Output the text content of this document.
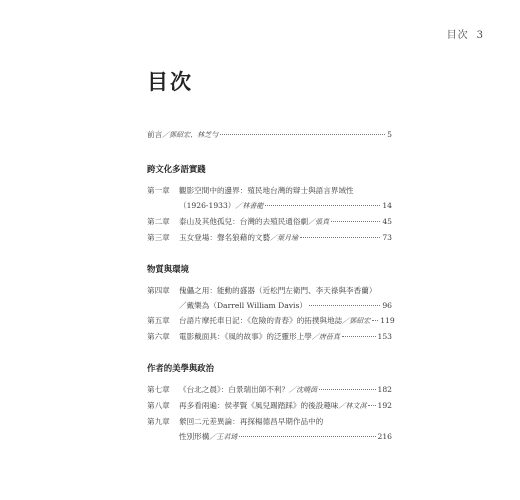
目次 3
目次
前言 ／鄧紹宏、林芝勻	5
跨文化多語實踐
第一章	觀影空間中的邊界：殖民地台灣的辯士與語言界域性
（1926-1933） ／林書龍	14
第二章	泰山及其他孤兒：台灣的去殖民通俗劇 ／張真	45
第三章	玉女登場：聲名狼藉的文藝 ／葉月瑜	73
物質與環境
第四章	傀儡之用：能動的盛器（近松門左衛門、李天祿與李香蘭）
／戴樂為（Darrell William Davis）	96
第五章	台語片摩托車日記：《危險的青春》的拓撲與地誌 ／鄧紹宏 119
第六章	電影戴面具：《風的故事》的泛靈形上學 ／唐蓓真	153
作者的美學與政治
第七章	《台北之晨》：白景瑞出師不利？ ／沈曉茵	182
第八章	再多看兩遍：侯孝賢《風兒踢踏踩》的後設趣味 ／林文淇 192
第九章	縈回二元差異論：再探楊德昌早期作品中的
性別形構 ／王君琦	216
